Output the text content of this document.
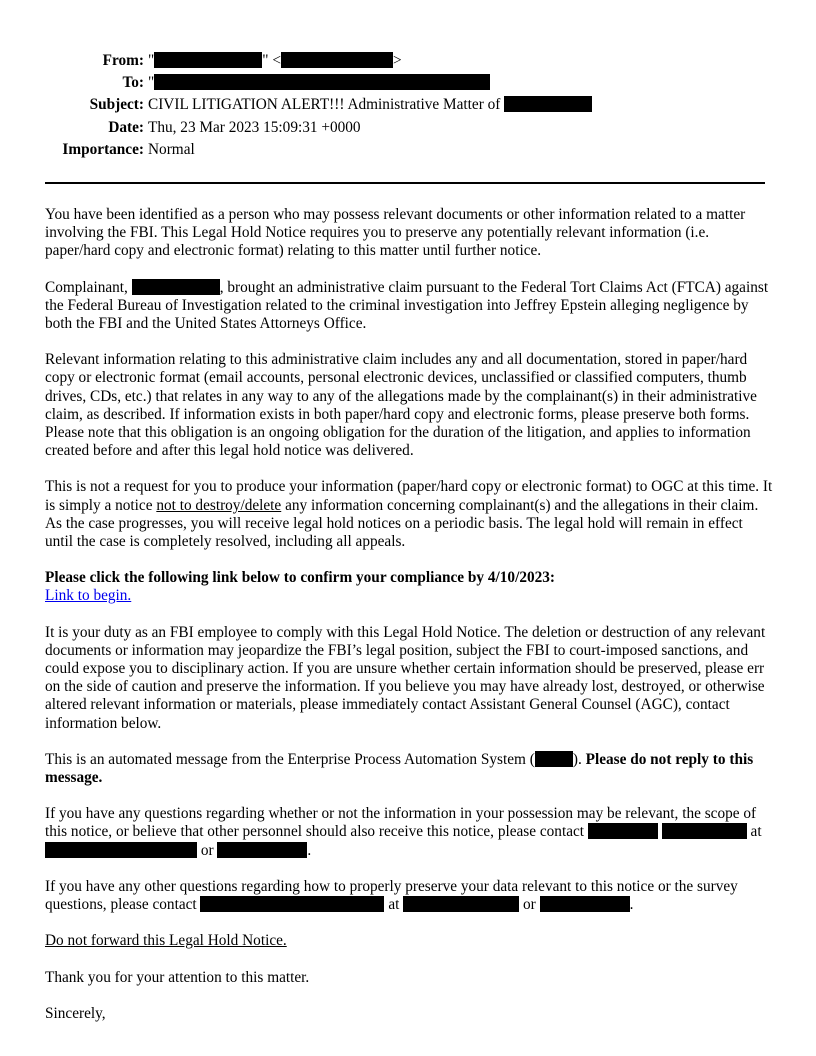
From: "	" <	>
To: "
Subject: CIVIL LITIGATION ALERT!!! Administrative Matter of
Date: Thu, 23 Mar 2023 15:09:31 +0000
Importance: Normal

You have been identified as a person who may possess relevant documents or other information related to a matter involving the FBI. This Legal Hold Notice requires you to preserve any potentially relevant information (i.e. paper/hard copy and electronic format) relating to this matter until further notice.

Complainant,	, brought an administrative claim pursuant to the Federal Tort Claims Act (FTCA) against the Federal Bureau of Investigation related to the criminal investigation into Jeffrey Epstein alleging negligence by both the FBI and the United States Attorneys Office.

Relevant information relating to this administrative claim includes any and all documentation, stored in paper/hard copy or electronic format (email accounts, personal electronic devices, unclassified or classified computers, thumb drives, CDs, etc.) that relates in any way to any of the allegations made by the complainant(s) in their administrative claim, as described. If information exists in both paper/hard copy and electronic forms, please preserve both forms. Please note that this obligation is an ongoing obligation for the duration of the litigation, and applies to information created before and after this legal hold notice was delivered.

This is not a request for you to produce your information (paper/hard copy or electronic format) to OGC at this time. It is simply a notice not to destroy/delete any information concerning complainant(s) and the allegations in their claim. As the case progresses, you will receive legal hold notices on a periodic basis. The legal hold will remain in effect until the case is completely resolved, including all appeals.

Please click the following link below to confirm your compliance by 4/10/2023:
Link to begin.

It is your duty as an FBI employee to comply with this Legal Hold Notice. The deletion or destruction of any relevant documents or information may jeopardize the FBI’s legal position, subject the FBI to court-imposed sanctions, and could expose you to disciplinary action. If you are unsure whether certain information should be preserved, please err on the side of caution and preserve the information. If you believe you may have already lost, destroyed, or otherwise altered relevant information or materials, please immediately contact Assistant General Counsel (AGC), contact information below.

This is an automated message from the Enterprise Process Automation System ( ). Please do not reply to this message.

If you have any questions regarding whether or not the information in your possession may be relevant, the scope of this notice, or believe that other personnel should also receive this notice, please contact	at  or	.

If you have any other questions regarding how to properly preserve your data relevant to this notice or the survey questions, please contact	at	or	.

Do not forward this Legal Hold Notice.

Thank you for your attention to this matter.

Sincerely,
